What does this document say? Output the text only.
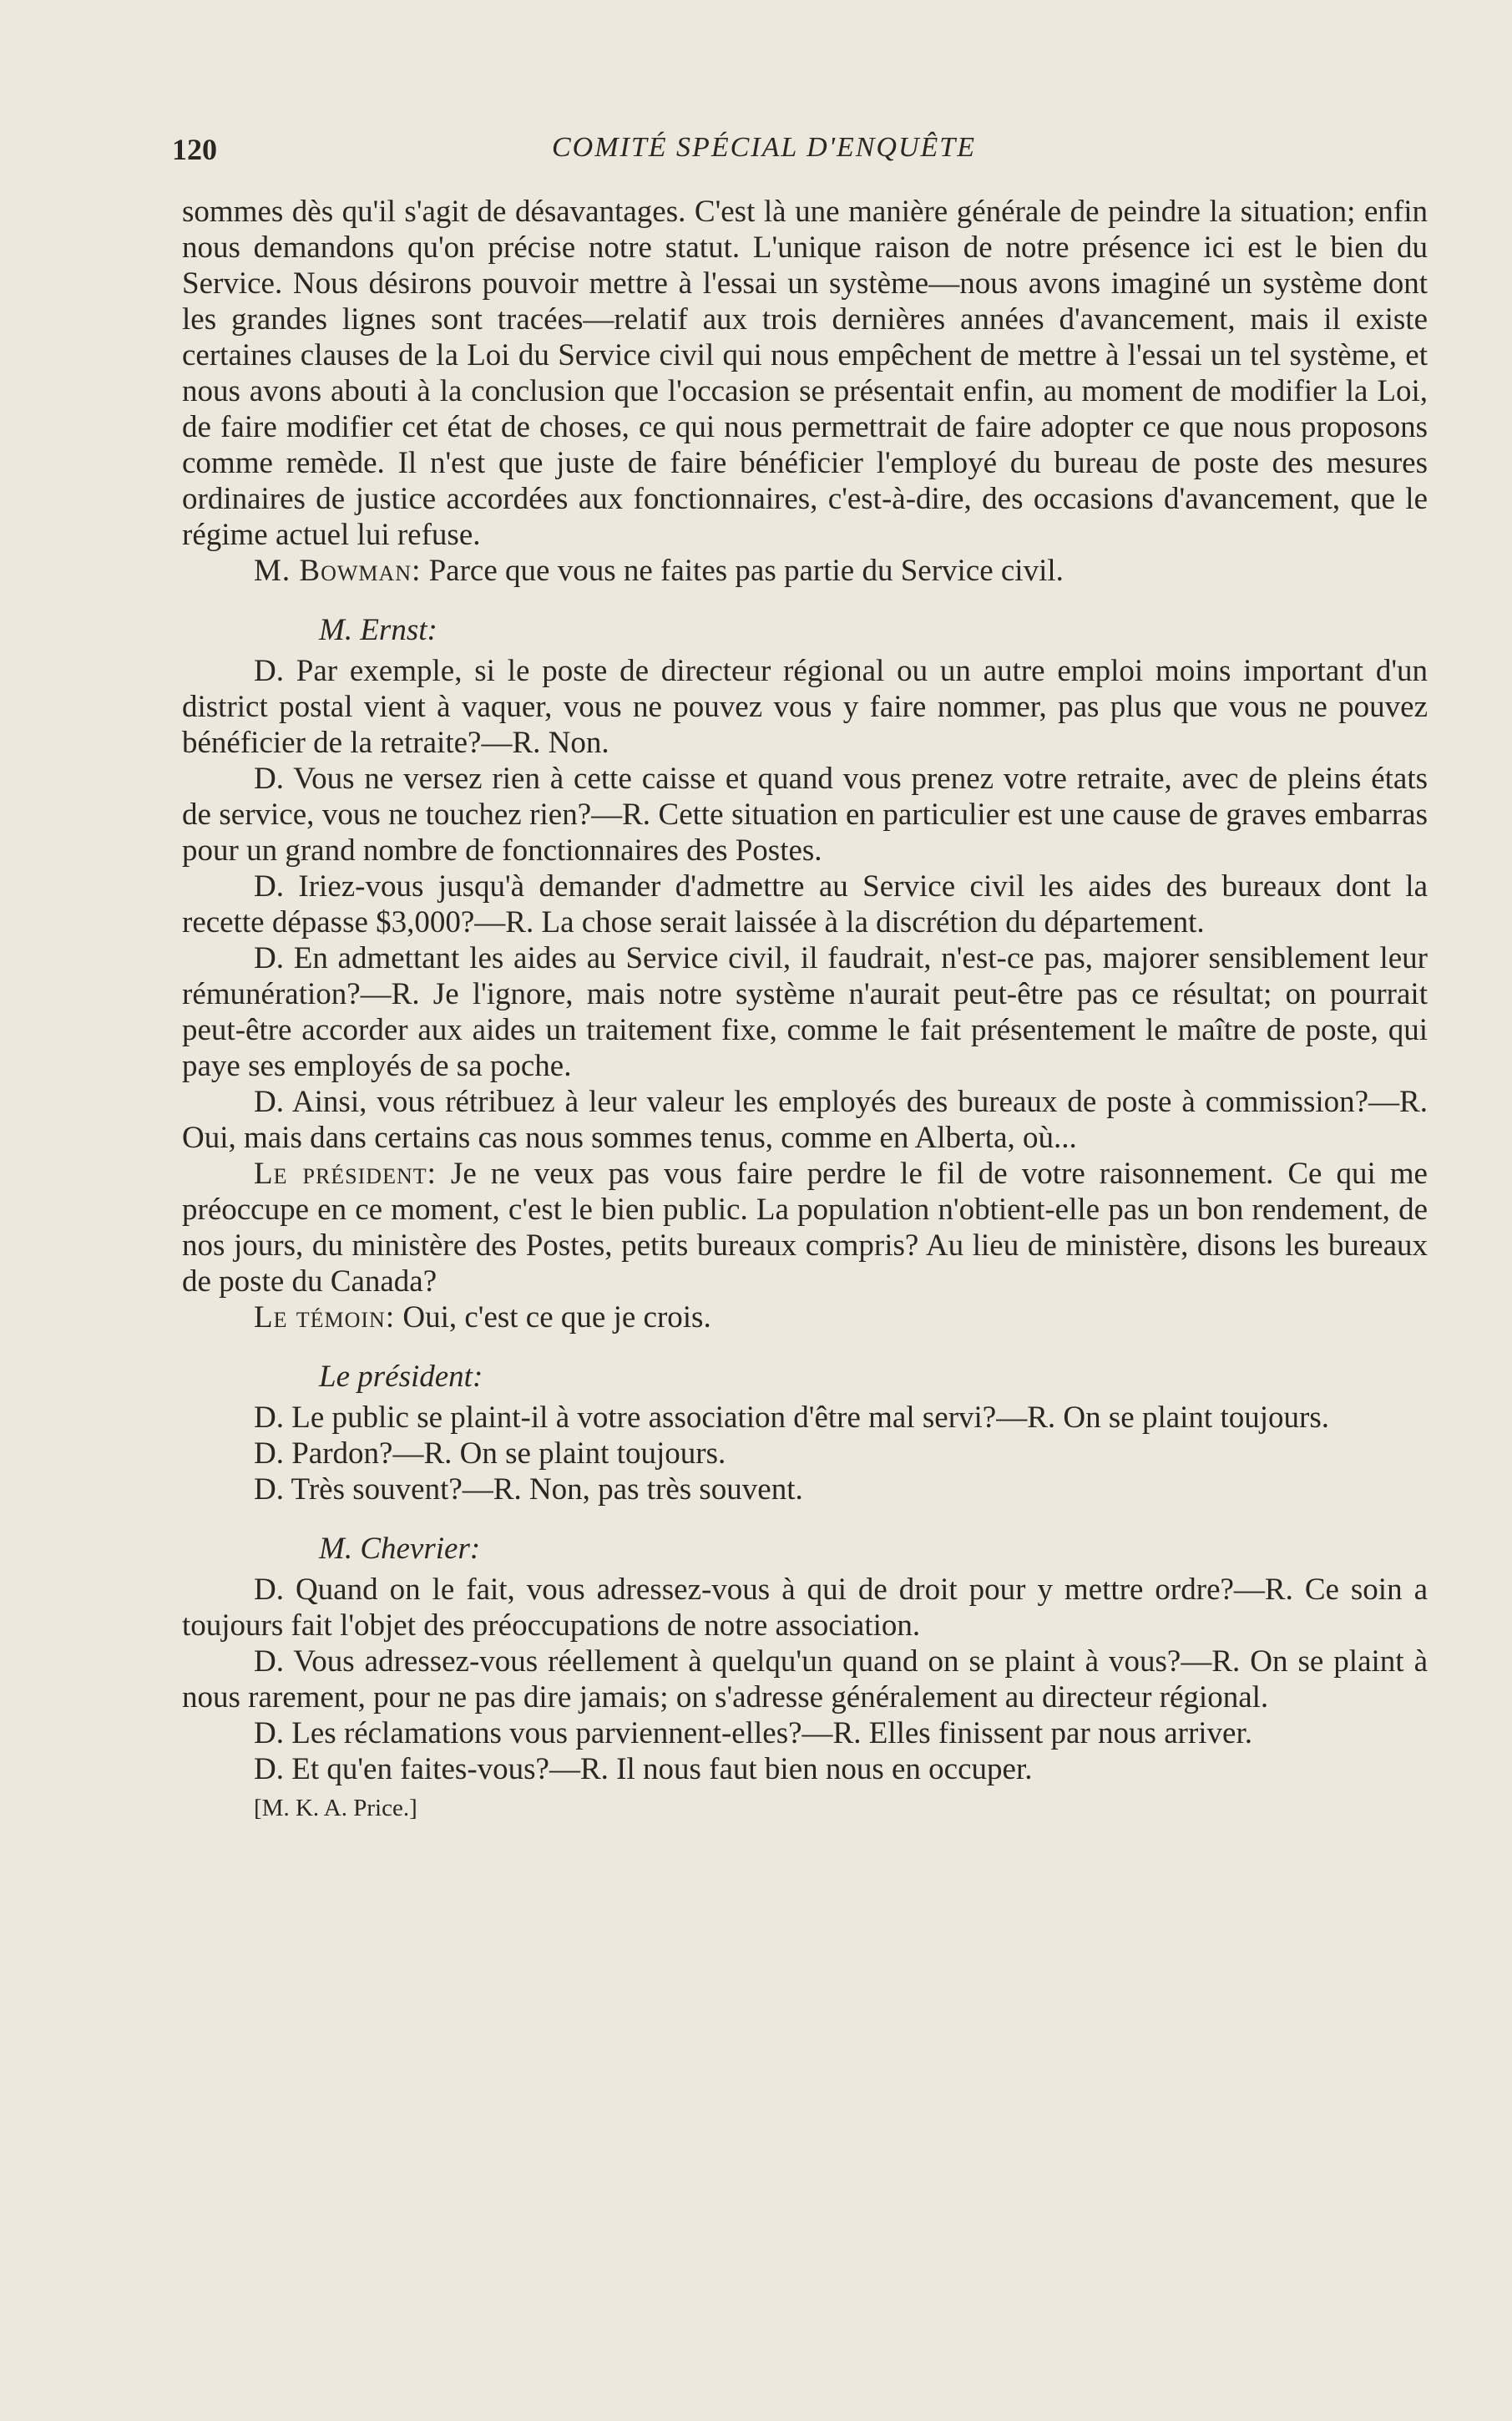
120	COMITÉ SPÉCIAL D'ENQUÊTE

sommes dès qu'il s'agit de désavantages. C'est là une manière générale de peindre la situation; enfin nous demandons qu'on précise notre statut. L'unique raison de notre présence ici est le bien du Service. Nous désirons pouvoir mettre à l'essai un système—nous avons imaginé un système dont les grandes lignes sont tracées—relatif aux trois dernières années d'avancement, mais il existe certaines clauses de la Loi du Service civil qui nous empêchent de mettre à l'essai un tel système, et nous avons abouti à la conclusion que l'occasion se présentait enfin, au moment de modifier la Loi, de faire modifier cet état de choses, ce qui nous permettrait de faire adopter ce que nous proposons comme remède. Il n'est que juste de faire bénéficier l'employé du bureau de poste des mesures ordinaires de justice accordées aux fonctionnaires, c'est-à-dire, des occasions d'avancement, que le régime actuel lui refuse.

M. Bowman: Parce que vous ne faites pas partie du Service civil.

M. Ernst:

D. Par exemple, si le poste de directeur régional ou un autre emploi moins important d'un district postal vient à vaquer, vous ne pouvez vous y faire nommer, pas plus que vous ne pouvez bénéficier de la retraite?—R. Non.

D. Vous ne versez rien à cette caisse et quand vous prenez votre retraite, avec de pleins états de service, vous ne touchez rien?—R. Cette situation en particulier est une cause de graves embarras pour un grand nombre de fonctionnaires des Postes.

D. Iriez-vous jusqu'à demander d'admettre au Service civil les aides des bureaux dont la recette dépasse $3,000?—R. La chose serait laissée à la discrétion du département.

D. En admettant les aides au Service civil, il faudrait, n'est-ce pas, majorer sensiblement leur rémunération?—R. Je l'ignore, mais notre système n'aurait peut-être pas ce résultat; on pourrait peut-être accorder aux aides un traitement fixe, comme le fait présentement le maître de poste, qui paye ses employés de sa poche.

D. Ainsi, vous rétribuez à leur valeur les employés des bureaux de poste à commission?—R. Oui, mais dans certains cas nous sommes tenus, comme en Alberta, où...

Le président: Je ne veux pas vous faire perdre le fil de votre raisonnement. Ce qui me préoccupe en ce moment, c'est le bien public. La population n'obtient-elle pas un bon rendement, de nos jours, du ministère des Postes, petits bureaux compris? Au lieu de ministère, disons les bureaux de poste du Canada?

Le témoin: Oui, c'est ce que je crois.

Le président:

D. Le public se plaint-il à votre association d'être mal servi?—R. On se plaint toujours.

D. Pardon?—R. On se plaint toujours.

D. Très souvent?—R. Non, pas très souvent.

M. Chevrier:

D. Quand on le fait, vous adressez-vous à qui de droit pour y mettre ordre?—R. Ce soin a toujours fait l'objet des préoccupations de notre association.

D. Vous adressez-vous réellement à quelqu'un quand on se plaint à vous?—R. On se plaint à nous rarement, pour ne pas dire jamais; on s'adresse généralement au directeur régional.

D. Les réclamations vous parviennent-elles?—R. Elles finissent par nous arriver.

D. Et qu'en faites-vous?—R. Il nous faut bien nous en occuper.

[M. K. A. Price.]
